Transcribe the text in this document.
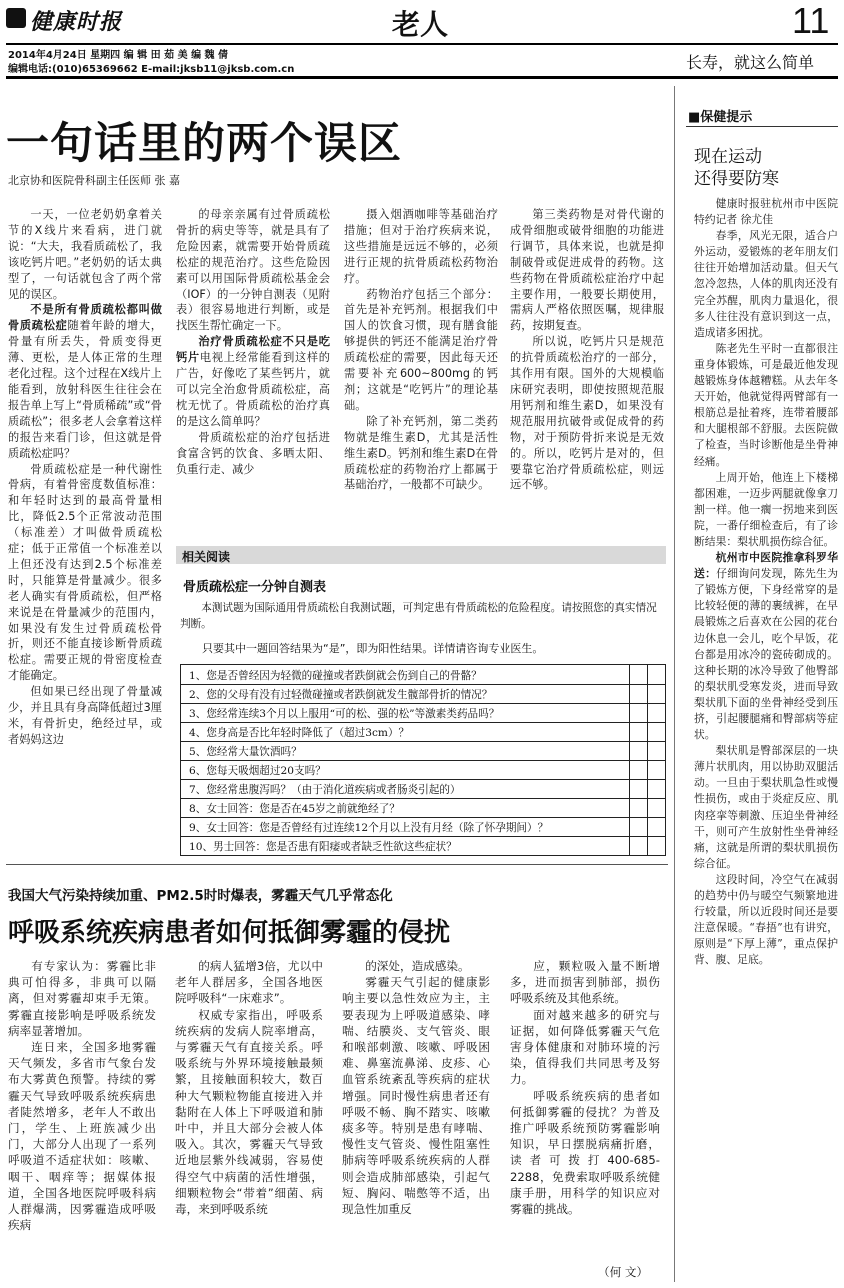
健康时报	老人	11
2014年4月24日 星期四 编 辑 田 茹 美 编 魏 倩
编辑电话:(010)65369662 E-mail:jksb11@jksb.com.cn	长寿，就这么简单
一句话里的两个误区
北京协和医院骨科副主任医师 张 嘉

一天，一位老奶奶拿着关节的X线片来看病，进门就说：“大夫，我看质疏松了，我该吃钙片吧。”老奶奶的话太典型了，一句话就包含了两个常见的误区。

不是所有骨质疏松都叫做骨质疏松症随着年龄的增大，骨量有所丢失，骨质变得更薄、更松，是人体正常的生理老化过程。这个过程在X线片上能看到，放射科医生往往会在报告单上写上“骨质稀疏”或“骨质疏松”；很多老人会拿着这样的报告来看门诊，但这就是骨质疏松症吗？

骨质疏松症是一种代谢性骨病，有着骨密度数值标准：和年轻时达到的最高骨量相比，降低2.5个正常波动范围（标准差）才叫做骨质疏松症；低于正常值一个标准差以上但还没有达到2.5个标准差时，只能算是骨量减少。很多老人确实有骨质疏松，但严格来说是在骨量减少的范围内，如果没有发生过骨质疏松骨折，则还不能直接诊断骨质疏松症。需要正规的骨密度检查才能确定。

但如果已经出现了骨量减少，并且具有身高降低超过3厘米，有骨折史，绝经过早，或者妈妈这边

的母亲亲属有过骨质疏松骨折的病史等等，就是具有了危险因素，就需要开始骨质疏松症的规范治疗。这些危险因素可以用国际骨质疏松基金会（IOF）的一分钟自测表（见附表）很容易地进行判断，或是找医生帮忙确定一下。

治疗骨质疏松症不只是吃钙片电视上经常能看到这样的广告，好像吃了某些钙片，就可以完全治愈骨质疏松症，高枕无忧了。骨质疏松的治疗真的是这么简单吗？

骨质疏松症的治疗包括进食富含钙的饮食、多晒太阳、负重行走、减少

摄入烟酒咖啡等基础治疗措施；但对于治疗疾病来说，这些措施是远远不够的，必须进行正规的抗骨质疏松药物治疗。

药物治疗包括三个部分：首先是补充钙剂。根据我们中国人的饮食习惯，现有膳食能够提供的钙还不能满足治疗骨质疏松症的需要，因此每天还需要补充600~800mg的钙剂；这就是“吃钙片”的理论基础。

除了补充钙剂，第二类药物就是维生素D，尤其是活性维生素D。钙剂和维生素D在骨质疏松症的药物治疗上都属于基础治疗，一般都不可缺少。

第三类药物是对骨代谢的成骨细胞或破骨细胞的功能进行调节，具体来说，也就是抑制破骨或促进成骨的药物。这些药物在骨质疏松症治疗中起主要作用，一般要长期使用，需病人严格依照医嘱，规律服药，按期复查。

所以说，吃钙片只是规范的抗骨质疏松治疗的一部分，其作用有限。国外的大规模临床研究表明，即使按照规范服用钙剂和维生素D，如果没有规范服用抗破骨或促成骨的药物，对于预防骨折来说是无效的。所以，吃钙片是对的，但要靠它治疗骨质疏松症，则远远不够。

相关阅读
骨质疏松症一分钟自测表
本测试题为国际通用骨质疏松自我测试题，可判定患有骨质疏松的危险程度。请按照您的真实情况判断。
只要其中一题回答结果为“是”，即为阳性结果。详情请咨询专业医生。
1、您是否曾经因为轻微的碰撞或者跌倒就会伤到自己的骨骼？
2、您的父母有没有过轻微碰撞或者跌倒就发生髋部骨折的情况？
3、您经常连续3个月以上服用“可的松、强的松”等激素类药品吗？
4、您身高是否比年轻时降低了（超过3cm）？
5、您经常大量饮酒吗？
6、您每天吸烟超过20支吗？
7、您经常患腹泻吗？（由于消化道疾病或者肠炎引起的）
8、女士回答：您是否在45岁之前就绝经了？
9、女士回答：您是否曾经有过连续12个月以上没有月经（除了怀孕期间）？
10、男士回答：您是否患有阳痿或者缺乏性欲这些症状？
■保健提示
现在运动
还得要防寒

健康时报驻杭州市中医院特约记者 徐尤佳

春季，风光无限，适合户外运动，爱锻炼的老年朋友们往往开始增加活动量。但天气忽冷忽热，人体的肌肉还没有完全苏醒，肌肉力量退化，很多人往往没有意识到这一点，造成诸多困扰。

陈老先生平时一直都很注重身体锻炼，可是最近他发现越锻炼身体越糟糕。从去年冬天开始，他就觉得两臂部有一根筋总是扯着疼，连带着腰部和大腿根部不舒服。去医院做了检查，当时诊断他是坐骨神经痛。

上周开始，他连上下楼梯都困难，一迈步两腿就像拿刀割一样。他一瘸一拐地来到医院，一番仔细检查后，有了诊断结果：梨状肌损伤综合征。

杭州市中医院推拿科罗华送：仔细询问发现，陈先生为了锻炼方便，下身经常穿的是比较轻便的薄的裹绒裤，在早晨锻炼之后喜欢在公园的花台边休息一会儿，吃个早饭，花台都是用冰冷的瓷砖砌成的。这种长期的冰冷导致了他臀部的梨状肌受寒发炎，进而导致梨状肌下面的坐骨神经受到压挤，引起腰腿痛和臀部病等症状。

梨状肌是臀部深层的一块薄片状肌肉，用以协助双腿活动。一旦由于梨状肌急性或慢性损伤，或由于炎症反应、肌肉痉挛等刺激、压迫坐骨神经干，则可产生放射性坐骨神经痛，这就是所谓的梨状肌损伤综合征。

这段时间，冷空气在减弱的趋势中仍与暖空气频繁地进行较量，所以近段时间还是要注意保暖。“春捂”也有讲究，原则是“下厚上薄”，重点保护背、腹、足底。

我国大气污染持续加重、PM2.5时时爆表，雾霾天气几乎常态化
呼吸系统疾病患者如何抵御雾霾的侵扰

有专家认为：雾霾比非典可怕得多，非典可以隔离，但对雾霾却束手无策。雾霾直接影响是呼吸系统发病率显著增加。

连日来，全国多地雾霾天气频发，多省市气象台发布大雾黄色预警。持续的雾霾天气导致呼吸系统疾病患者陡然增多，老年人不敢出门，学生、上班族减少出门，大部分人出现了一系列呼吸道不适症状如：咳嗽、咽干、咽痒等；据媒体报道，全国各地医院呼吸科病人群爆满，因雾霾造成呼吸疾病

的病人猛增3倍，尤以中老年人群居多，全国各地医院呼吸科“一床难求”。

权威专家指出，呼吸系统疾病的发病人院率增高，与雾霾天气有直接关系。呼吸系统与外界环境接触最频繁，且接触面积较大，数百种大气颗粒物能直接进入并黏附在人体上下呼吸道和肺叶中，并且大部分会被人体吸入。其次，雾霾天气导致近地层紫外线减弱，容易使得空气中病菌的活性增强，细颗粒物会“带着”细菌、病毒，来到呼吸系统

的深处，造成感染。

雾霾天气引起的健康影响主要以急性效应为主，主要表现为上呼吸道感染、哮喘、结膜炎、支气管炎、眼和喉部刺激、咳嗽、呼吸困难、鼻塞流鼻涕、皮疹、心血管系统紊乱等疾病的症状增强。同时慢性病患者还有呼吸不畅、胸不踏实、咳嗽痰多等。特别是患有哮喘、慢性支气管炎、慢性阻塞性肺病等呼吸系统疾病的人群则会造成肺部感染，引起气短、胸闷、喘憋等不适，出现急性加重反

应，颗粒吸入量不断增多，进而损害到肺部，损伤呼吸系统及其他系统。

面对越来越多的研究与证据，如何降低雾霾天气危害身体健康和对肺环境的污染，值得我们共同思考及努力。

呼吸系统疾病的患者如何抵御雾霾的侵扰？为普及推广呼吸系统预防雾霾影响知识，早日摆脱病痛折磨，读者可拨打400-685-2288，免费索取呼吸系统健康手册，用科学的知识应对雾霾的挑战。

（何 文）
